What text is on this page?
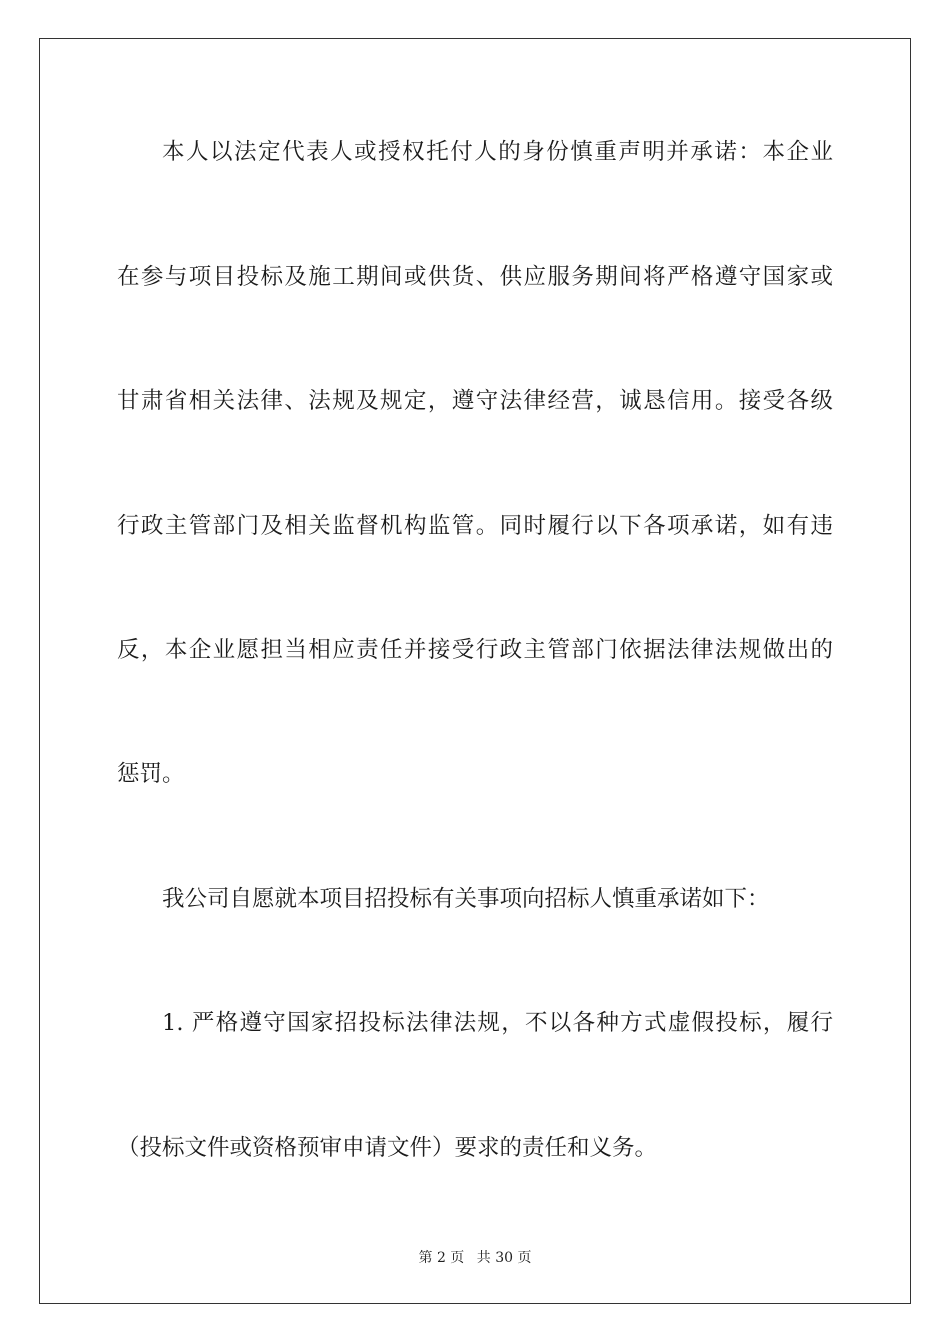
本人以法定代表人或授权托付人的身份慎重声明并承诺：本企业
在参与项目投标及施工期间或供货、供应服务期间将严格遵守国家或
甘肃省相关法律、法规及规定，遵守法律经营，诚恳信用。接受各级
行政主管部门及相关监督机构监管。同时履行以下各项承诺，如有违
反，本企业愿担当相应责任并接受行政主管部门依据法律法规做出的
惩罚。
我公司自愿就本项目招投标有关事项向招标人慎重承诺如下：
1. 严格遵守国家招投标法律法规，不以各种方式虚假投标，履行
（投标文件或资格预审申请文件）要求的责任和义务。
第 2 页 共 30 页
